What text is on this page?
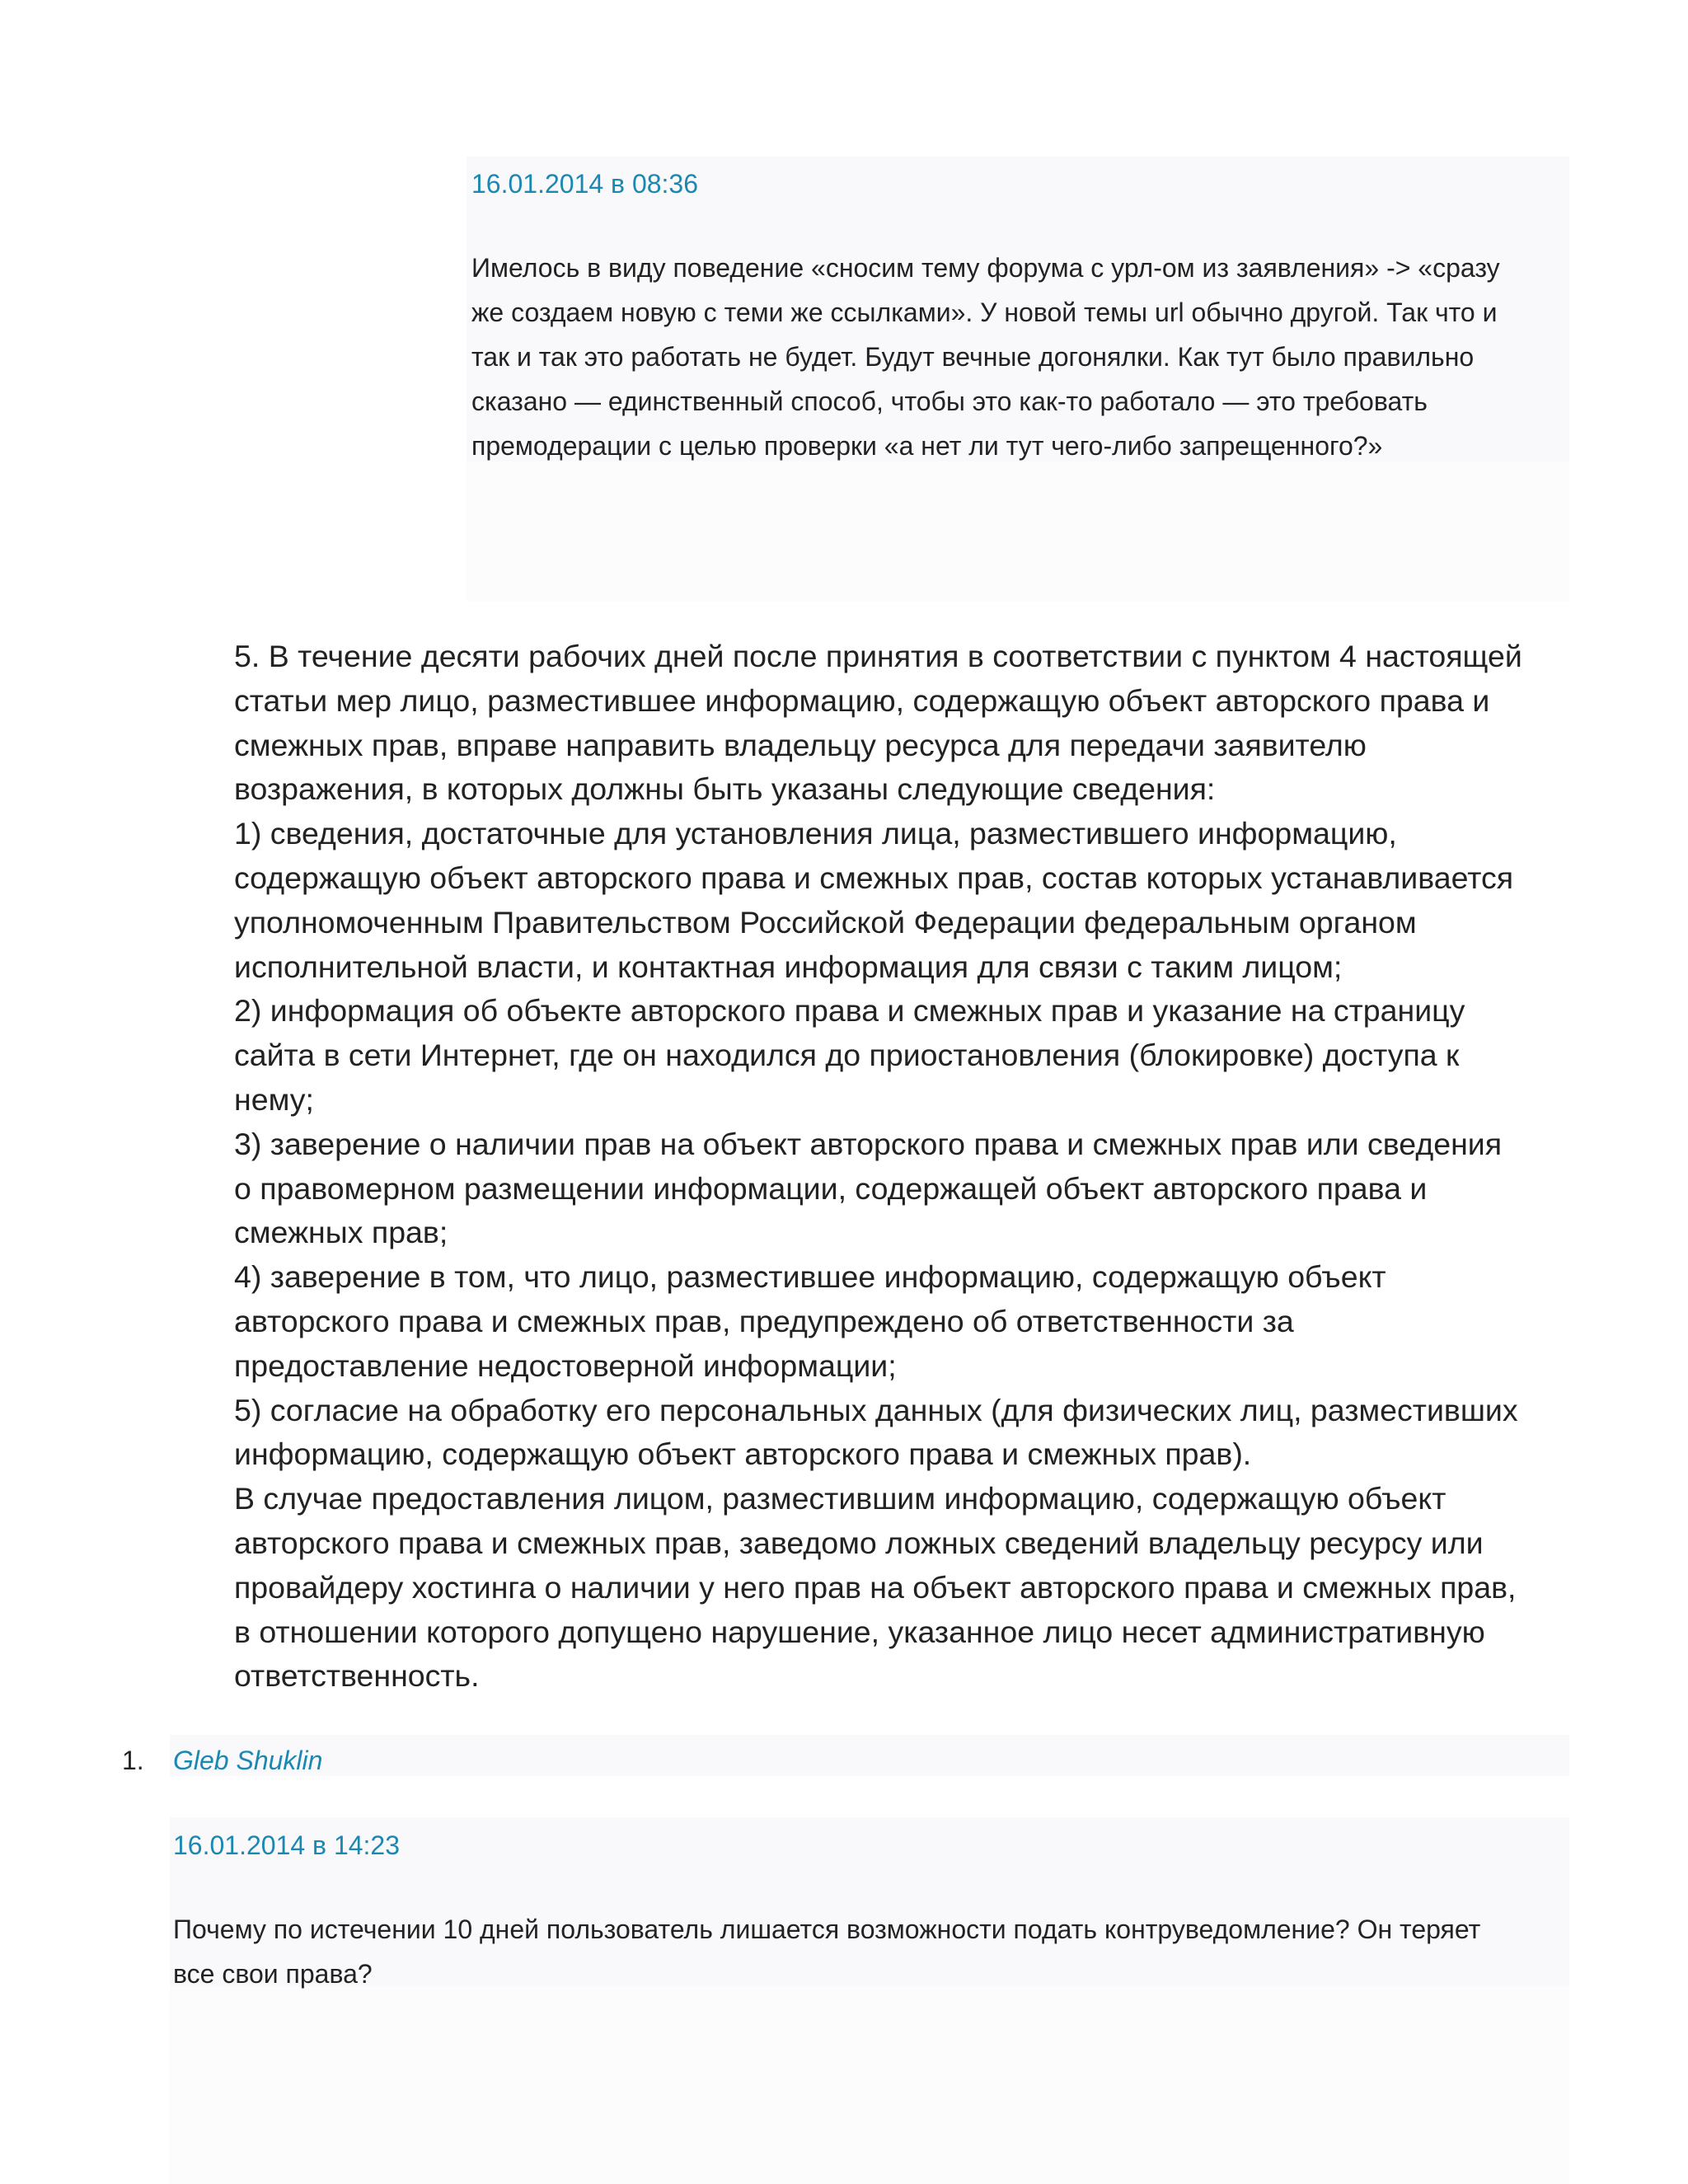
16.01.2014 в 08:36
Имелось в виду поведение «сносим тему форума с урл-ом из заявления» -> «сразу
же создаем новую с теми же ссылками». У новой темы url обычно другой. Так что и
так и так это работать не будет. Будут вечные догонялки. Как тут было правильно
сказано — единственный способ, чтобы это как-то работало — это требовать
премодерации с целью проверки «а нет ли тут чего-либо запрещенного?»
5. В течение десяти рабочих дней после принятия в соответствии с пунктом 4 настоящей
статьи мер лицо, разместившее информацию, содержащую объект авторского права и
смежных прав, вправе направить владельцу ресурса для передачи заявителю
возражения, в которых должны быть указаны следующие сведения:
1) сведения, достаточные для установления лица, разместившего информацию,
содержащую объект авторского права и смежных прав, состав которых устанавливается
уполномоченным Правительством Российской Федерации федеральным органом
исполнительной власти, и контактная информация для связи с таким лицом;
2) информация об объекте авторского права и смежных прав и указание на страницу
сайта в сети Интернет, где он находился до приостановления (блокировке) доступа к
нему;
3) заверение о наличии прав на объект авторского права и смежных прав или сведения
о правомерном размещении информации, содержащей объект авторского права и
смежных прав;
4) заверение в том, что лицо, разместившее информацию, содержащую объект
авторского права и смежных прав, предупреждено об ответственности за
предоставление недостоверной информации;
5) согласие на обработку его персональных данных (для физических лиц, разместивших
информацию, содержащую объект авторского права и смежных прав).
В случае предоставления лицом, разместившим информацию, содержащую объект
авторского права и смежных прав, заведомо ложных сведений владельцу ресурсу или
провайдеру хостинга о наличии у него прав на объект авторского права и смежных прав,
в отношении которого допущено нарушение, указанное лицо несет административную
ответственность.
1. Gleb Shuklin
16.01.2014 в 14:23
Почему по истечении 10 дней пользователь лишается возможности подать контруведомление? Он теряет
все свои права?
